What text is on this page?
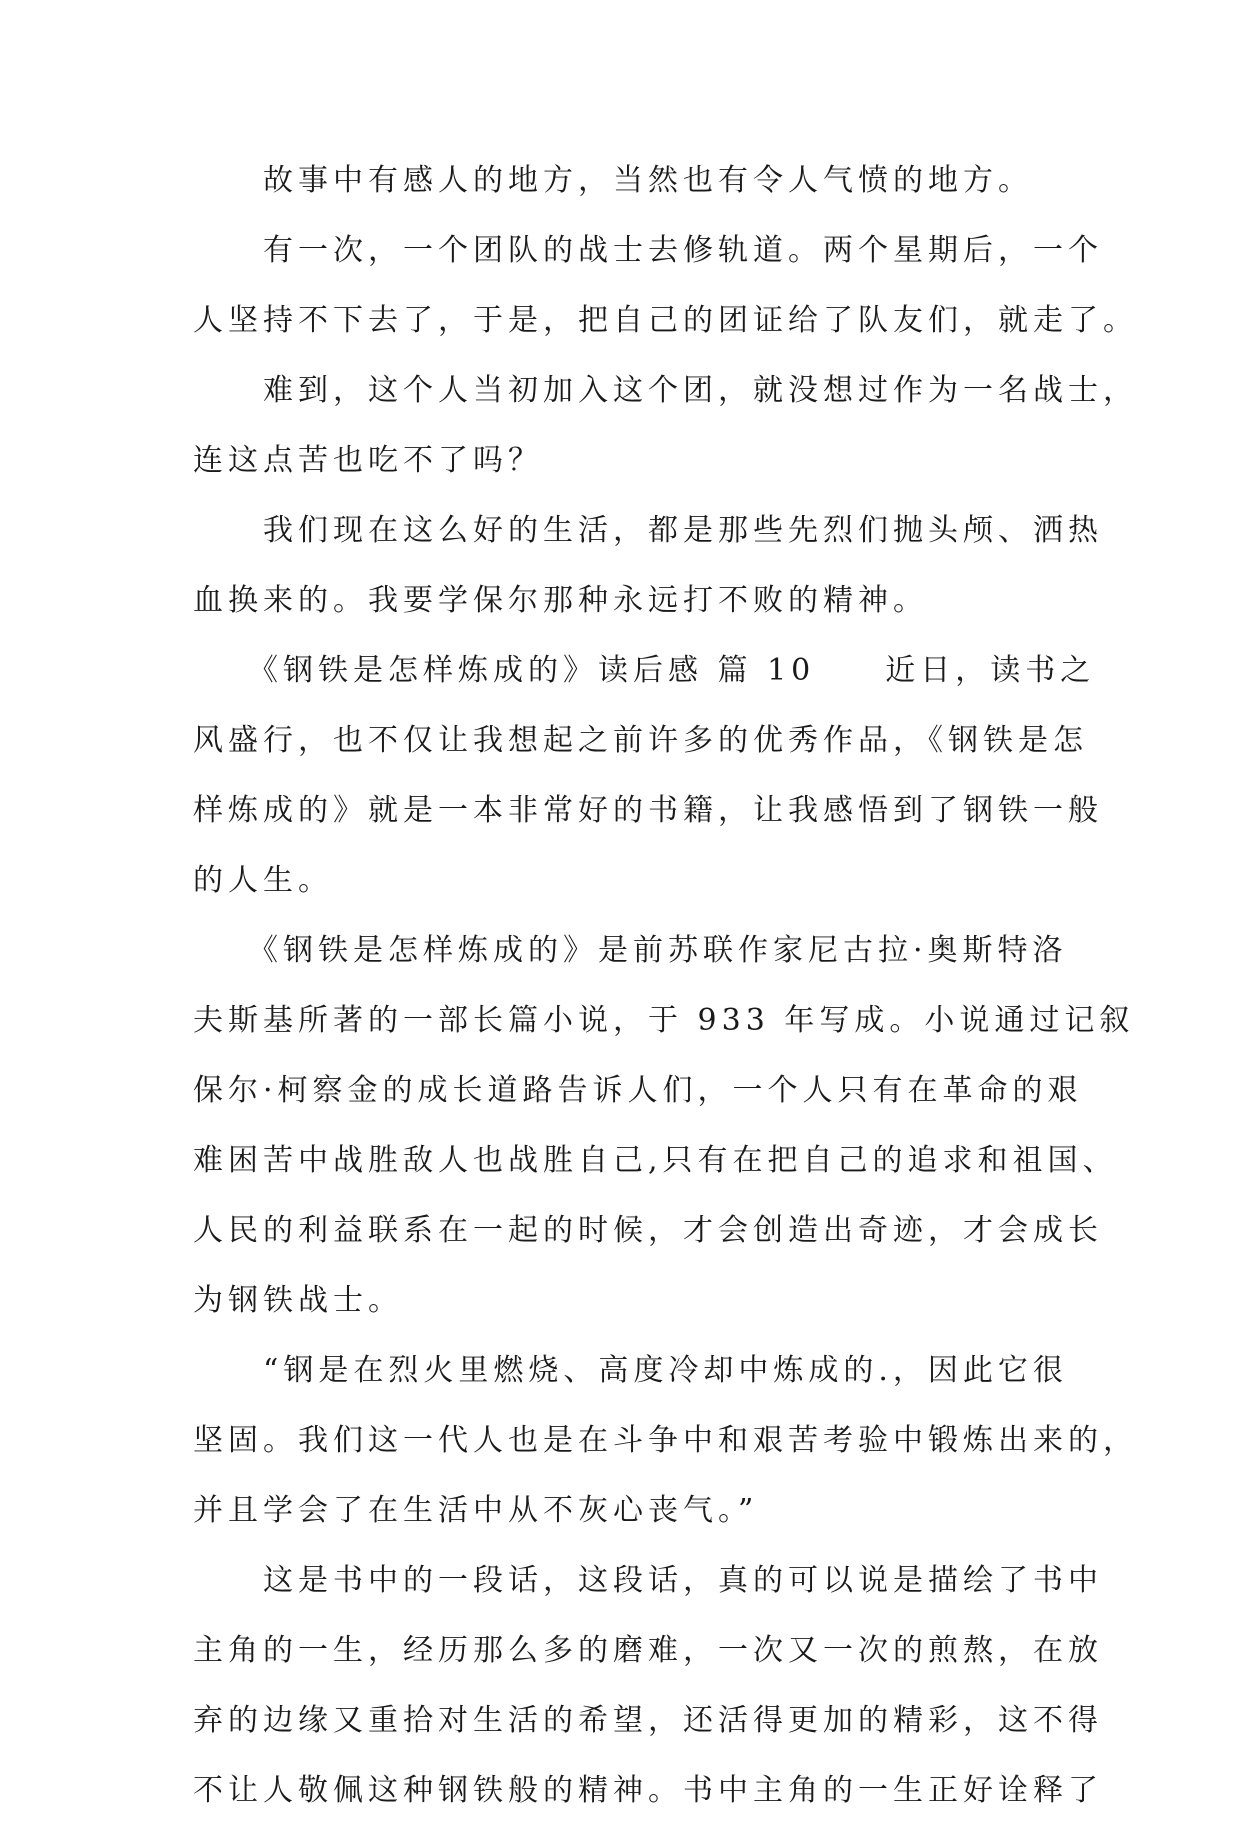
　　故事中有感人的地方，当然也有令人气愤的地方。
　　有一次，一个团队的战士去修轨道。两个星期后，一个
人坚持不下去了，于是，把自己的团证给了队友们，就走了。
　　难到，这个人当初加入这个团，就没想过作为一名战士，
连这点苦也吃不了吗？
　　我们现在这么好的生活，都是那些先烈们抛头颅、洒热
血换来的。我要学保尔那种永远打不败的精神。
　　《钢铁是怎样炼成的》读后感 篇 10　　近日，读书之
风盛行，也不仅让我想起之前许多的优秀作品，《钢铁是怎
样炼成的》就是一本非常好的书籍，让我感悟到了钢铁一般
的人生。
　　《钢铁是怎样炼成的》是前苏联作家尼古拉·奥斯特洛
夫斯基所著的一部长篇小说，于 933 年写成。小说通过记叙
保尔·柯察金的成长道路告诉人们，一个人只有在革命的艰
难困苦中战胜敌人也战胜自己,只有在把自己的追求和祖国、
人民的利益联系在一起的时候，才会创造出奇迹，才会成长
为钢铁战士。
　　“钢是在烈火里燃烧、高度冷却中炼成的.，因此它很
坚固。我们这一代人也是在斗争中和艰苦考验中锻炼出来的，
并且学会了在生活中从不灰心丧气。”
　　这是书中的一段话，这段话，真的可以说是描绘了书中
主角的一生，经历那么多的磨难，一次又一次的煎熬，在放
弃的边缘又重拾对生活的希望，还活得更加的精彩，这不得
不让人敬佩这种钢铁般的精神。书中主角的一生正好诠释了
